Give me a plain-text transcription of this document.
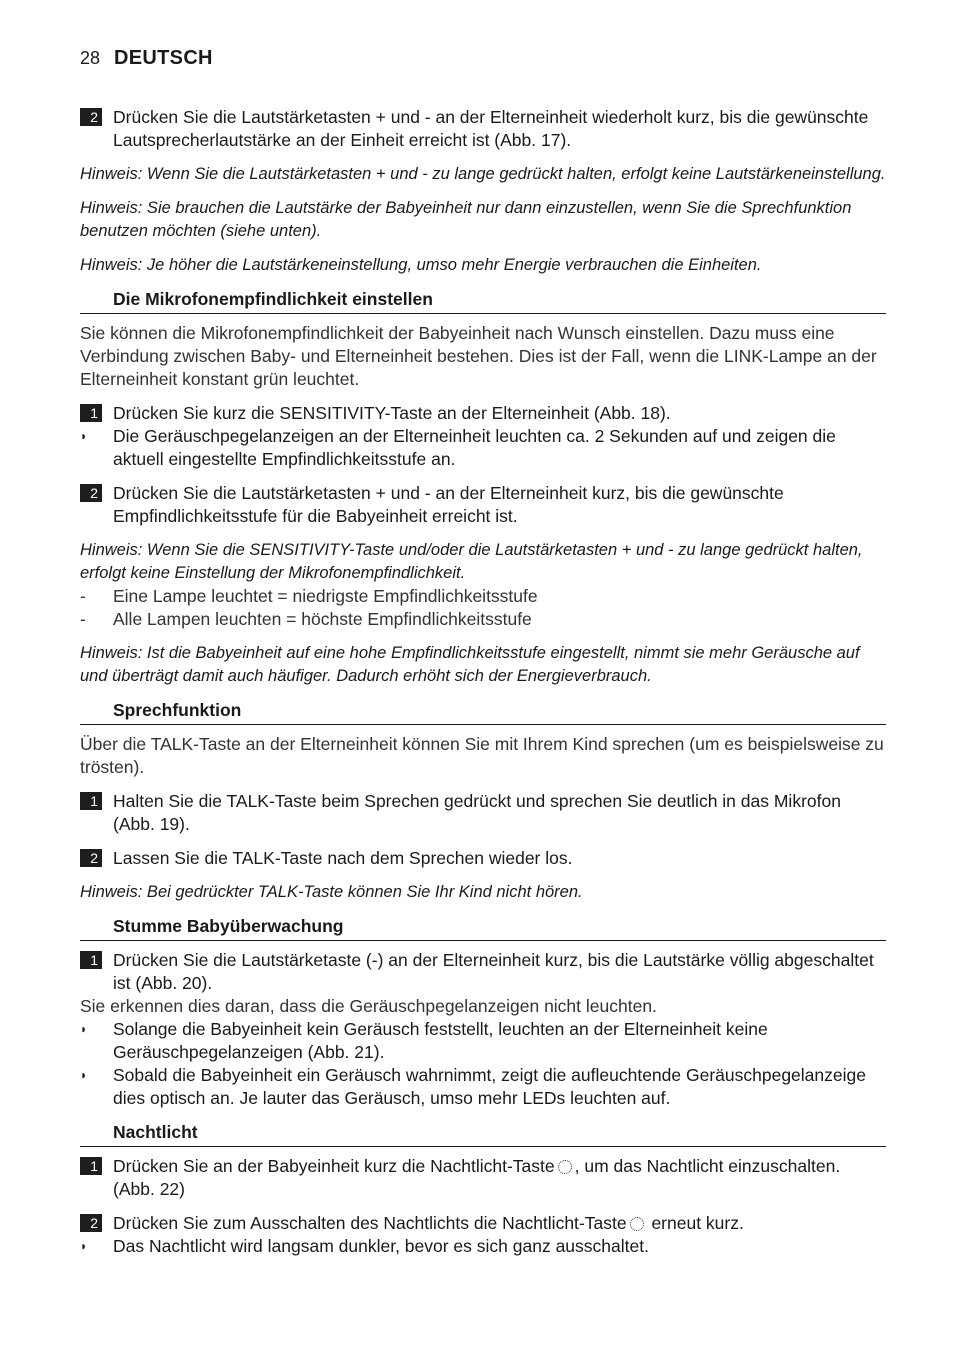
28 DEUTSCH
2 Drücken Sie die Lautstärketasten + und - an der Elterneinheit wiederholt kurz, bis die gewünschte Lautsprecherlautstärke an der Einheit erreicht ist (Abb. 17).
Hinweis: Wenn Sie die Lautstärketasten + und - zu lange gedrückt halten, erfolgt keine Lautstärkeneinstellung.
Hinweis: Sie brauchen die Lautstärke der Babyeinheit nur dann einzustellen, wenn Sie die Sprechfunktion benutzen möchten (siehe unten).
Hinweis: Je höher die Lautstärkeneinstellung, umso mehr Energie verbrauchen die Einheiten.
Die Mikrofonempfindlichkeit einstellen
Sie können die Mikrofonempfindlichkeit der Babyeinheit nach Wunsch einstellen. Dazu muss eine Verbindung zwischen Baby- und Elterneinheit bestehen. Dies ist der Fall, wenn die LINK-Lampe an der Elterneinheit konstant grün leuchtet.
1 Drücken Sie kurz die SENSITIVITY-Taste an der Elterneinheit (Abb. 18).
◗	Die Geräuschpegelanzeigen an der Elterneinheit leuchten ca. 2 Sekunden auf und zeigen die aktuell eingestellte Empfindlichkeitsstufe an.
2 Drücken Sie die Lautstärketasten + und - an der Elterneinheit kurz, bis die gewünschte Empfindlichkeitsstufe für die Babyeinheit erreicht ist.
Hinweis: Wenn Sie die SENSITIVITY-Taste und/oder die Lautstärketasten + und - zu lange gedrückt halten, erfolgt keine Einstellung der Mikrofonempfindlichkeit.
-	Eine Lampe leuchtet = niedrigste Empfindlichkeitsstufe
-	Alle Lampen leuchten = höchste Empfindlichkeitsstufe
Hinweis: Ist die Babyeinheit auf eine hohe Empfindlichkeitsstufe eingestellt, nimmt sie mehr Geräusche auf und überträgt damit auch häufiger. Dadurch erhöht sich der Energieverbrauch.
Sprechfunktion
Über die TALK-Taste an der Elterneinheit können Sie mit Ihrem Kind sprechen (um es beispielsweise zu trösten).
1 Halten Sie die TALK-Taste beim Sprechen gedrückt und sprechen Sie deutlich in das Mikrofon (Abb. 19).
2 Lassen Sie die TALK-Taste nach dem Sprechen wieder los.
Hinweis: Bei gedrückter TALK-Taste können Sie Ihr Kind nicht hören.
Stumme Babyüberwachung
1 Drücken Sie die Lautstärketaste (-) an der Elterneinheit kurz, bis die Lautstärke völlig abgeschaltet ist (Abb. 20).
Sie erkennen dies daran, dass die Geräuschpegelanzeigen nicht leuchten.
◗	Solange die Babyeinheit kein Geräusch feststellt, leuchten an der Elterneinheit keine Geräuschpegelanzeigen (Abb. 21).
◗	Sobald die Babyeinheit ein Geräusch wahrnimmt, zeigt die aufleuchtende Geräuschpegelanzeige dies optisch an. Je lauter das Geräusch, umso mehr LEDs leuchten auf.
Nachtlicht
1 Drücken Sie an der Babyeinheit kurz die Nachtlicht-Taste , um das Nachtlicht einzuschalten. (Abb. 22)
2 Drücken Sie zum Ausschalten des Nachtlichts die Nachtlicht-Taste erneut kurz.
◗	Das Nachtlicht wird langsam dunkler, bevor es sich ganz ausschaltet.
